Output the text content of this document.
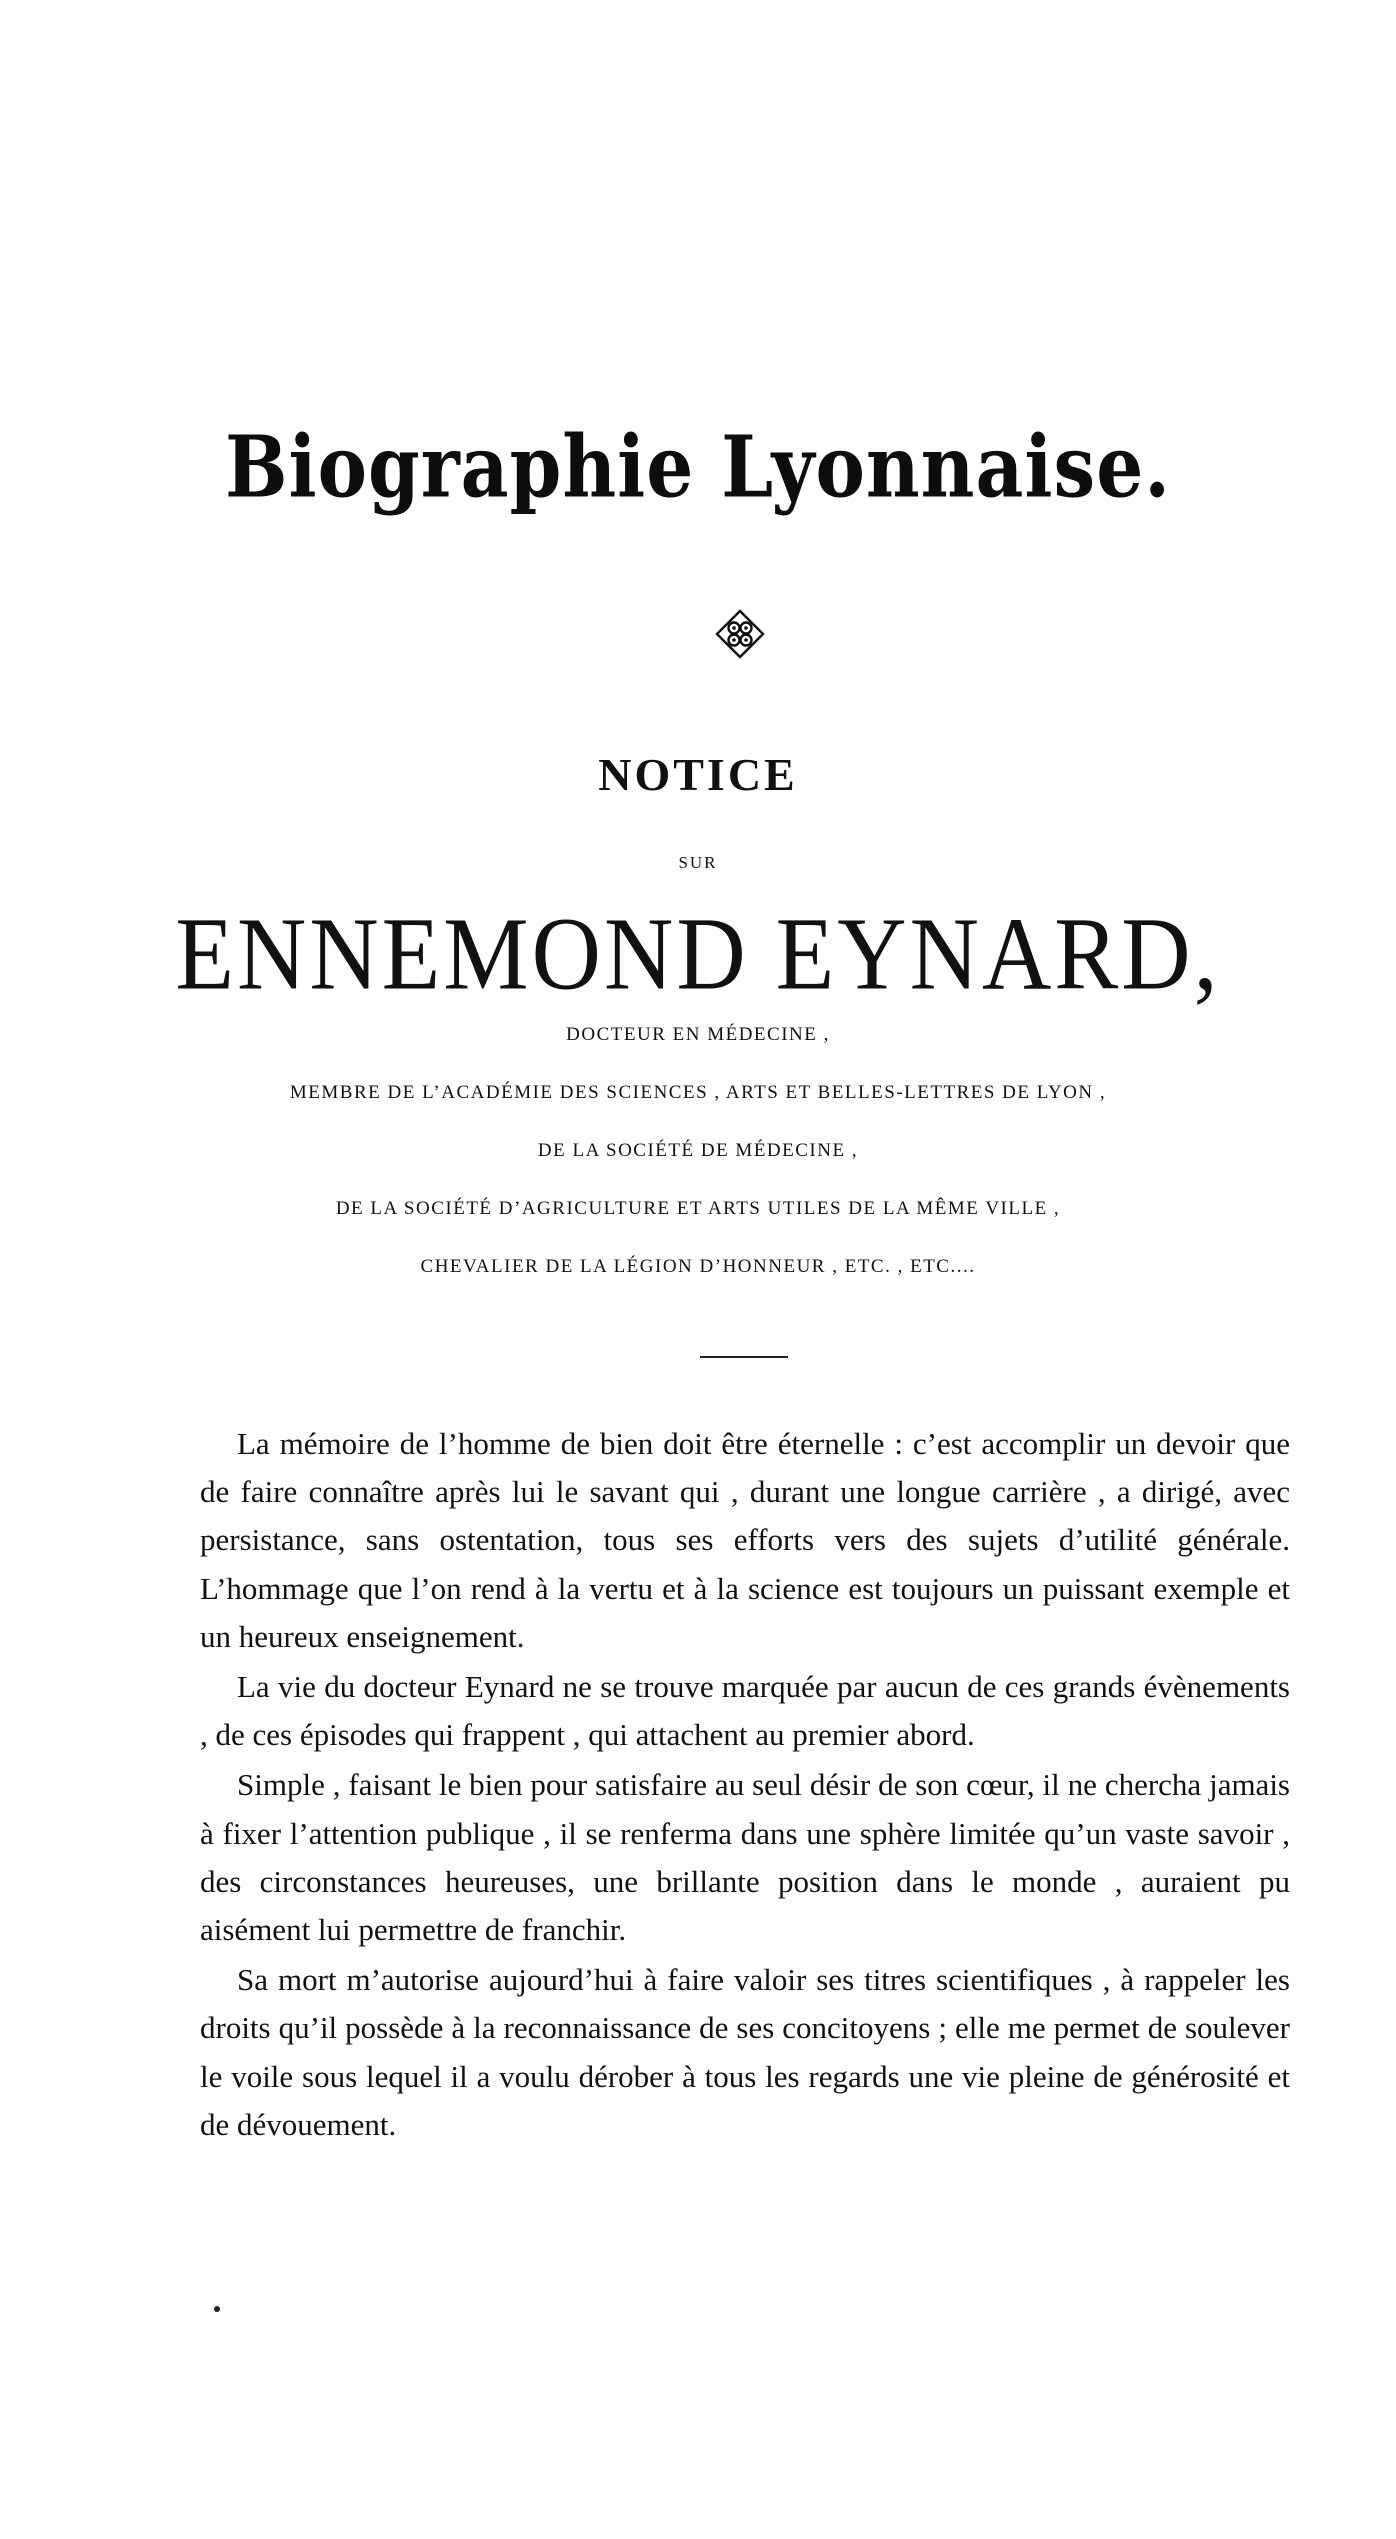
Biographie Lyonnaise.
NOTICE
SUR
ENNEMOND EYNARD,
DOCTEUR EN MÉDECINE ,
MEMBRE DE L’ACADÉMIE DES SCIENCES , ARTS ET BELLES-LETTRES DE LYON ,
DE LA SOCIÉTÉ DE MÉDECINE ,
DE LA SOCIÉTÉ D’AGRICULTURE ET ARTS UTILES DE LA MÊME VILLE ,
CHEVALIER DE LA LÉGION D’HONNEUR , ETC. , ETC....

La mémoire de l’homme de bien doit être éternelle : c’est accomplir un devoir que de faire connaître après lui le savant qui , durant une longue carrière , a dirigé, avec persistance, sans ostentation, tous ses efforts vers des sujets d’utilité générale. L’hommage que l’on rend à la vertu et à la science est toujours un puissant exemple et un heureux enseignement.

La vie du docteur Eynard ne se trouve marquée par aucun de ces grands évènements , de ces épisodes qui frappent , qui attachent au premier abord.

Simple , faisant le bien pour satisfaire au seul désir de son cœur, il ne chercha jamais à fixer l’attention publique , il se renferma dans une sphère limitée qu’un vaste savoir , des circonstances heureuses, une brillante position dans le monde , auraient pu aisément lui permettre de franchir.

Sa mort m’autorise aujourd’hui à faire valoir ses titres scientifiques , à rappeler les droits qu’il possède à la reconnaissance de ses concitoyens ; elle me permet de soulever le voile sous lequel il a voulu dérober à tous les regards une vie pleine de générosité et de dévouement.
